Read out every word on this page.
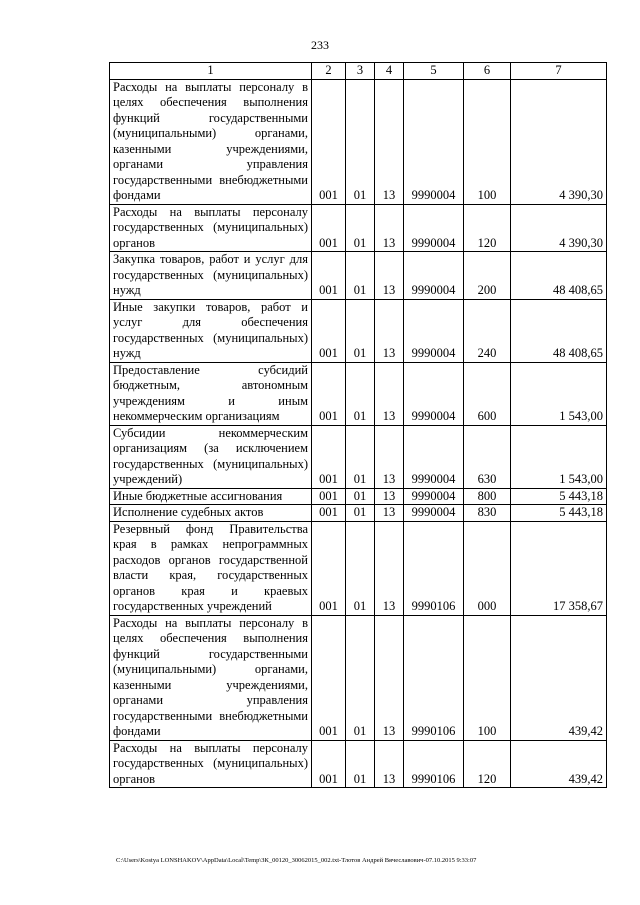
233
1	2	3	4	5	6	7
Расходы на выплаты персоналу в целях обеспечения выполнения функций государственными (муниципальными) органами, казенными учреждениями, органами управления государственными внебюджетными фондами	001	01	13	9990004	100	4 390,30
Расходы на выплаты персоналу государственных (муниципальных) органов	001	01	13	9990004	120	4 390,30
Закупка товаров, работ и услуг для государственных (муниципальных) нужд	001	01	13	9990004	200	48 408,65
Иные закупки товаров, работ и услуг для обеспечения государственных (муниципальных) нужд	001	01	13	9990004	240	48 408,65
Предоставление субсидий бюджетным, автономным учреждениям и иным некоммерческим организациям	001	01	13	9990004	600	1 543,00
Субсидии некоммерческим организациям (за исключением государственных (муниципальных) учреждений)	001	01	13	9990004	630	1 543,00
Иные бюджетные ассигнования	001	01	13	9990004	800	5 443,18
Исполнение судебных актов	001	01	13	9990004	830	5 443,18
Резервный фонд Правительства края в рамках непрограммных расходов органов государственной власти края, государственных органов края и краевых государственных учреждений	001	01	13	9990106	000	17 358,67
Расходы на выплаты персоналу в целях обеспечения выполнения функций государственными (муниципальными) органами, казенными учреждениями, органами управления государственными внебюджетными фондами	001	01	13	9990106	100	439,42
Расходы на выплаты персоналу государственных (муниципальных) органов	001	01	13	9990106	120	439,42
C:\Users\Kostya LONSHAKOV\AppData\Local\Temp\ЗК_00120_30062015_002.txt-Тлотов Андрей Вячеславович-07.10.2015 9:33:07
